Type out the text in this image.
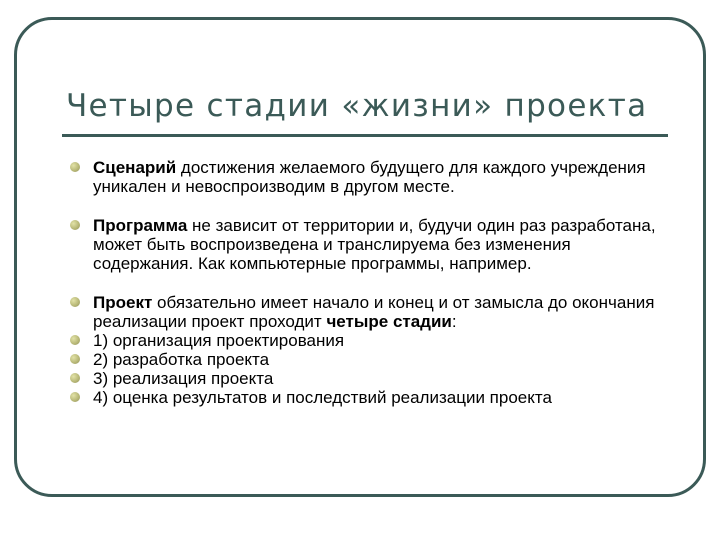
Четыре стадии «жизни» проекта

Сценарий достижения желаемого будущего для каждого учреждения уникален и невоспроизводим в другом месте.

Программа не зависит от территории и, будучи один раз разработана, может быть воспроизведена и транслируема без изменения содержания. Как компьютерные программы, например.

Проект обязательно имеет начало и конец и от замысла до окончания реализации проект проходит четыре стадии:

1) организация проектирования

2) разработка проекта

3) реализация проекта

4) оценка результатов и последствий реализации проекта
